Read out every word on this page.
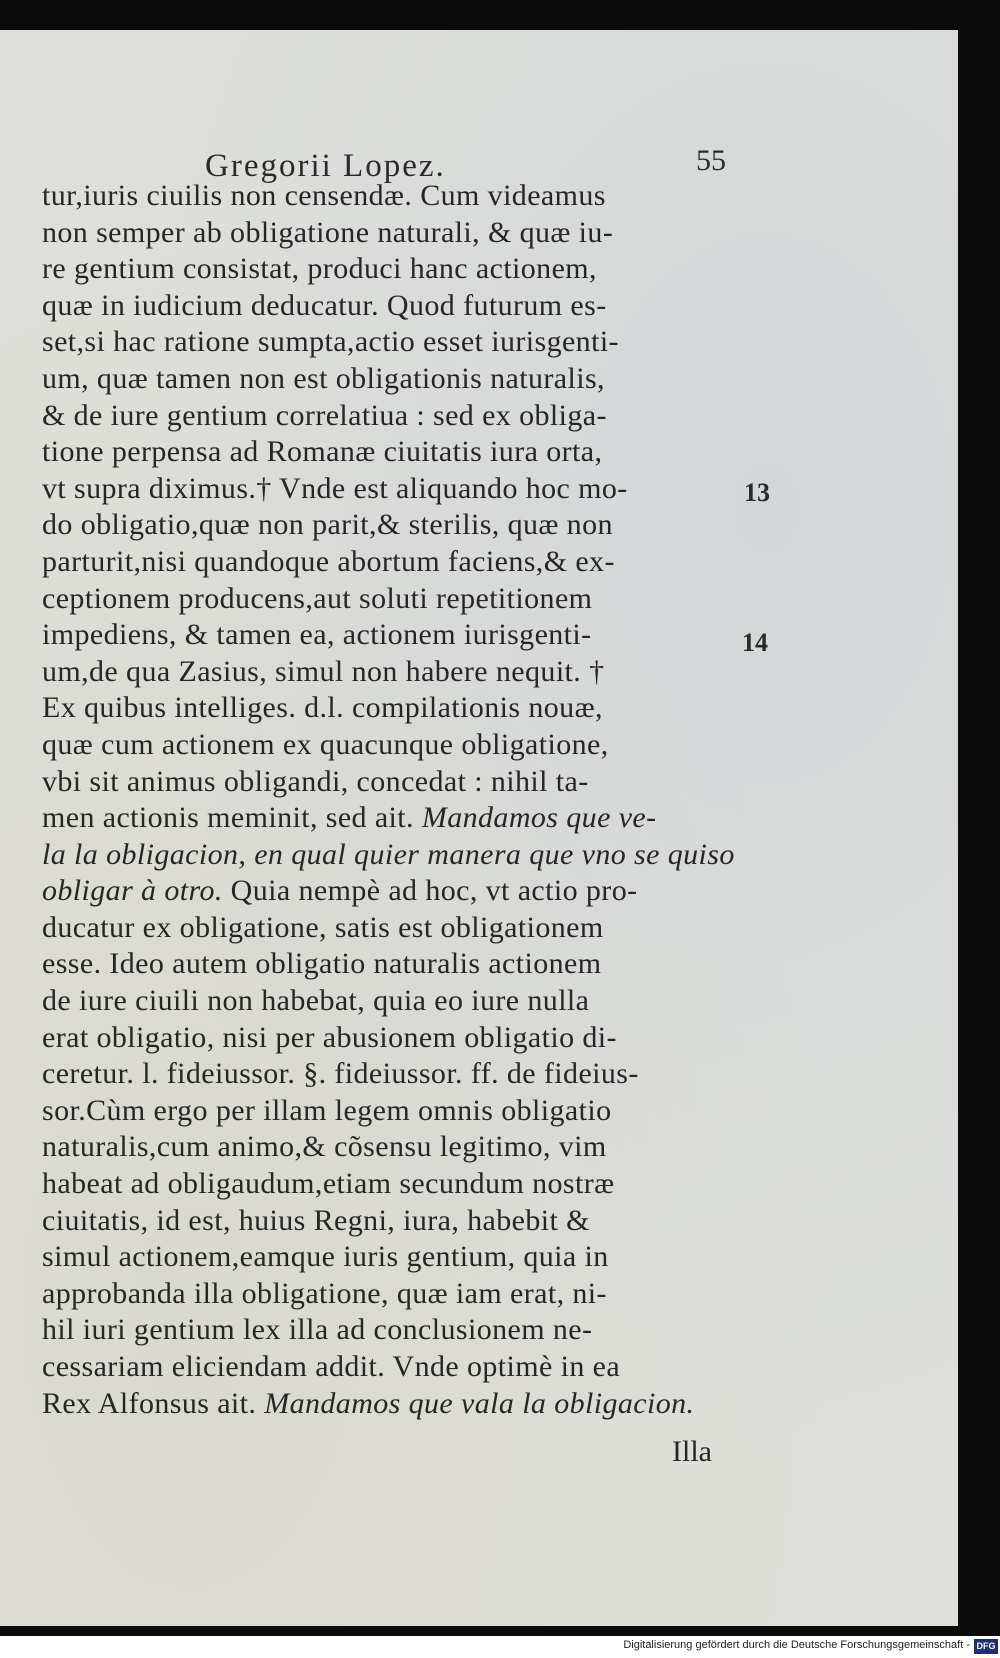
Gregorii Lopez.	55
tur,iuris ciuilis non censendæ. Cum videamus
non semper ab obligatione naturali, & quæ iu-
re gentium consistat, produci hanc actionem,
quæ in iudicium deducatur. Quod futurum es-
set,si hac ratione sumpta,actio esset iurisgenti-
um, quæ tamen non est obligationis naturalis,
& de iure gentium correlatiua : sed ex obliga-
tione perpensa ad Romanæ ciuitatis iura orta,
vt supra diximus.† Vnde est aliquando hoc mo-
do obligatio,quæ non parit,& sterilis, quæ non
parturit,nisi quandoque abortum faciens,& ex-
ceptionem producens,aut soluti repetitionem
impediens, & tamen ea, actionem iurisgenti-
um,de qua Zasius, simul non habere nequit. †
Ex quibus intelliges. d.l. compilationis nouæ,
quæ cum actionem ex quacunque obligatione,
vbi sit animus obligandi, concedat : nihil ta-
men actionis meminit, sed ait. Mandamos que ve-
la la obligacion, en qual quier manera que vno se quiso
obligar à otro. Quia nempè ad hoc, vt actio pro-
ducatur ex obligatione, satis est obligationem
esse. Ideo autem obligatio naturalis actionem
de iure ciuili non habebat, quia eo iure nulla
erat obligatio, nisi per abusionem obligatio di-
ceretur. l. fideiussor. §. fideiussor. ff. de fideius-
sor.Cùm ergo per illam legem omnis obligatio
naturalis,cum animo,& cõsensu legitimo, vim
habeat ad obligaudum,etiam secundum nostræ
ciuitatis, id est, huius Regni, iura, habebit &
simul actionem,eamque iuris gentium, quia in
approbanda illa obligatione, quæ iam erat, ni-
hil iuri gentium lex illa ad conclusionem ne-
cessariam eliciendam addit. Vnde optimè in ea
Rex Alfonsus ait. Mandamos que vala la obligacion.
Illa
13
14
Digitalisierung gefördert durch die Deutsche Forschungsgemeinschaft - DFG
